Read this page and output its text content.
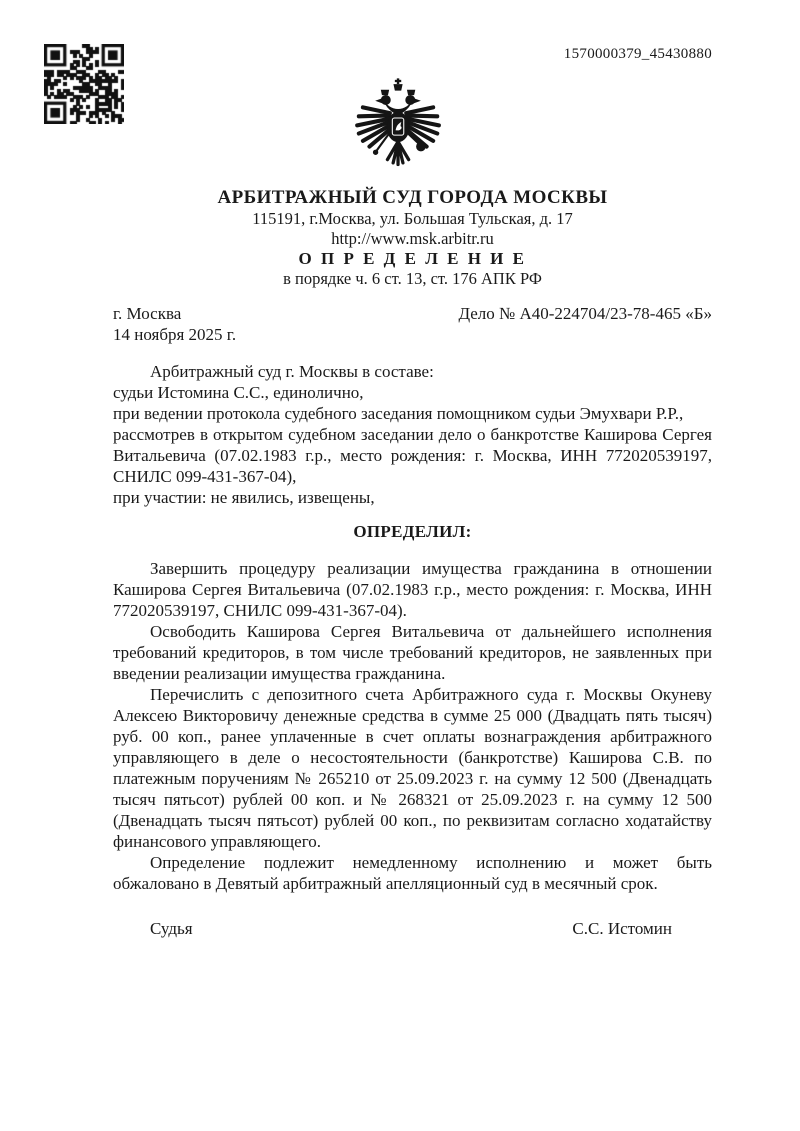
1570000379_45430880
АРБИТРАЖНЫЙ СУД ГОРОДА МОСКВЫ
115191, г.Москва, ул. Большая Тульская, д. 17
http://www.msk.arbitr.ru
О П Р Е Д Е Л Е Н И Е
в порядке ч. 6 ст. 13, ст. 176 АПК РФ
г. Москва
14 ноября 2025 г.
Дело № А40-224704/23-78-465 «Б»

Арбитражный суд г. Москвы в составе:

судьи Истомина С.С., единолично,

при ведении протокола судебного заседания помощником судьи Эмухвари Р.Р.,

рассмотрев в открытом судебном заседании дело о банкротстве Каширова Сергея Витальевича (07.02.1983 г.р., место рождения: г. Москва, ИНН 772020539197, СНИЛС 099-431-367-04),

при участии: не явились, извещены,

ОПРЕДЕЛИЛ:

Завершить процедуру реализации имущества гражданина в отношении Каширова Сергея Витальевича (07.02.1983 г.р., место рождения: г. Москва, ИНН 772020539197, СНИЛС 099-431-367-04).

Освободить Каширова Сергея Витальевича от дальнейшего исполнения требований кредиторов, в том числе требований кредиторов, не заявленных при введении реализации имущества гражданина.

Перечислить с депозитного счета Арбитражного суда г. Москвы Окуневу Алексею Викторовичу денежные средства в сумме 25 000 (Двадцать пять тысяч) руб. 00 коп., ранее уплаченные в счет оплаты вознаграждения арбитражного управляющего в деле о несостоятельности (банкротстве) Каширова С.В. по платежным поручениям № 265210 от 25.09.2023 г. на сумму 12 500 (Двенадцать тысяч пятьсот) рублей 00 коп. и № 268321 от 25.09.2023 г. на сумму 12 500 (Двенадцать тысяч пятьсот) рублей 00 коп., по реквизитам согласно ходатайству финансового управляющего.

Определение подлежит немедленному исполнению и может быть обжаловано в Девятый арбитражный апелляционный суд в месячный срок.

Судья	С.С. Истомин
